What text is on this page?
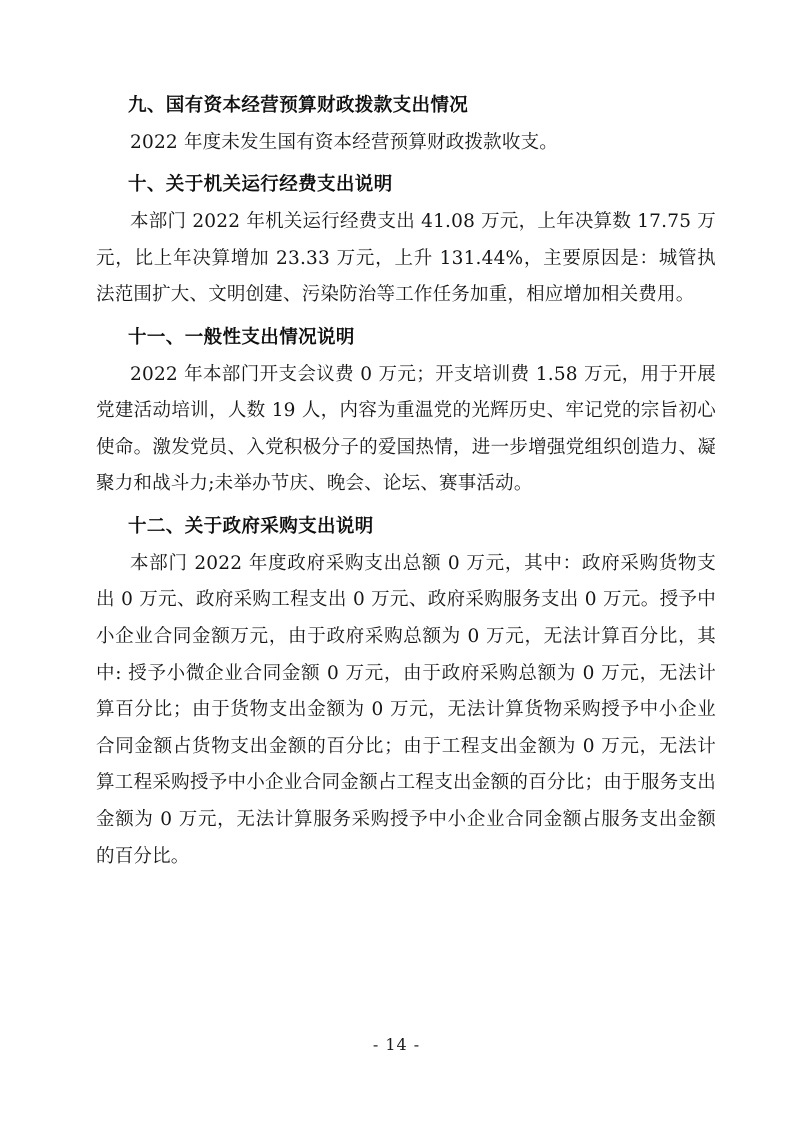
九、国有资本经营预算财政拨款支出情况

2022 年度未发生国有资本经营预算财政拨款收支。

十、关于机关运行经费支出说明

本部门 2022 年机关运行经费支出 41.08 万元，上年决算数 17.75 万元，比上年决算增加 23.33 万元，上升 131.44%，主要原因是：城管执法范围扩大、文明创建、污染防治等工作任务加重，相应增加相关费用。

十一、一般性支出情况说明

2022 年本部门开支会议费 0 万元；开支培训费 1.58 万元，用于开展党建活动培训，人数 19 人，内容为重温党的光辉历史、牢记党的宗旨初心使命。激发党员、入党积极分子的爱国热情，进一步增强党组织创造力、凝聚力和战斗力;未举办节庆、晚会、论坛、赛事活动。

十二、关于政府采购支出说明

本部门 2022 年度政府采购支出总额 0 万元，其中：政府采购货物支出 0 万元、政府采购工程支出 0 万元、政府采购服务支出 0 万元。授予中小企业合同金额万元，由于政府采购总额为 0 万元，无法计算百分比，其中: 授予小微企业合同金额 0 万元，由于政府采购总额为 0 万元，无法计算百分比；由于货物支出金额为 0 万元，无法计算货物采购授予中小企业合同金额占货物支出金额的百分比；由于工程支出金额为 0 万元，无法计算工程采购授予中小企业合同金额占工程支出金额的百分比；由于服务支出金额为 0 万元，无法计算服务采购授予中小企业合同金额占服务支出金额的百分比。

- 14 -
